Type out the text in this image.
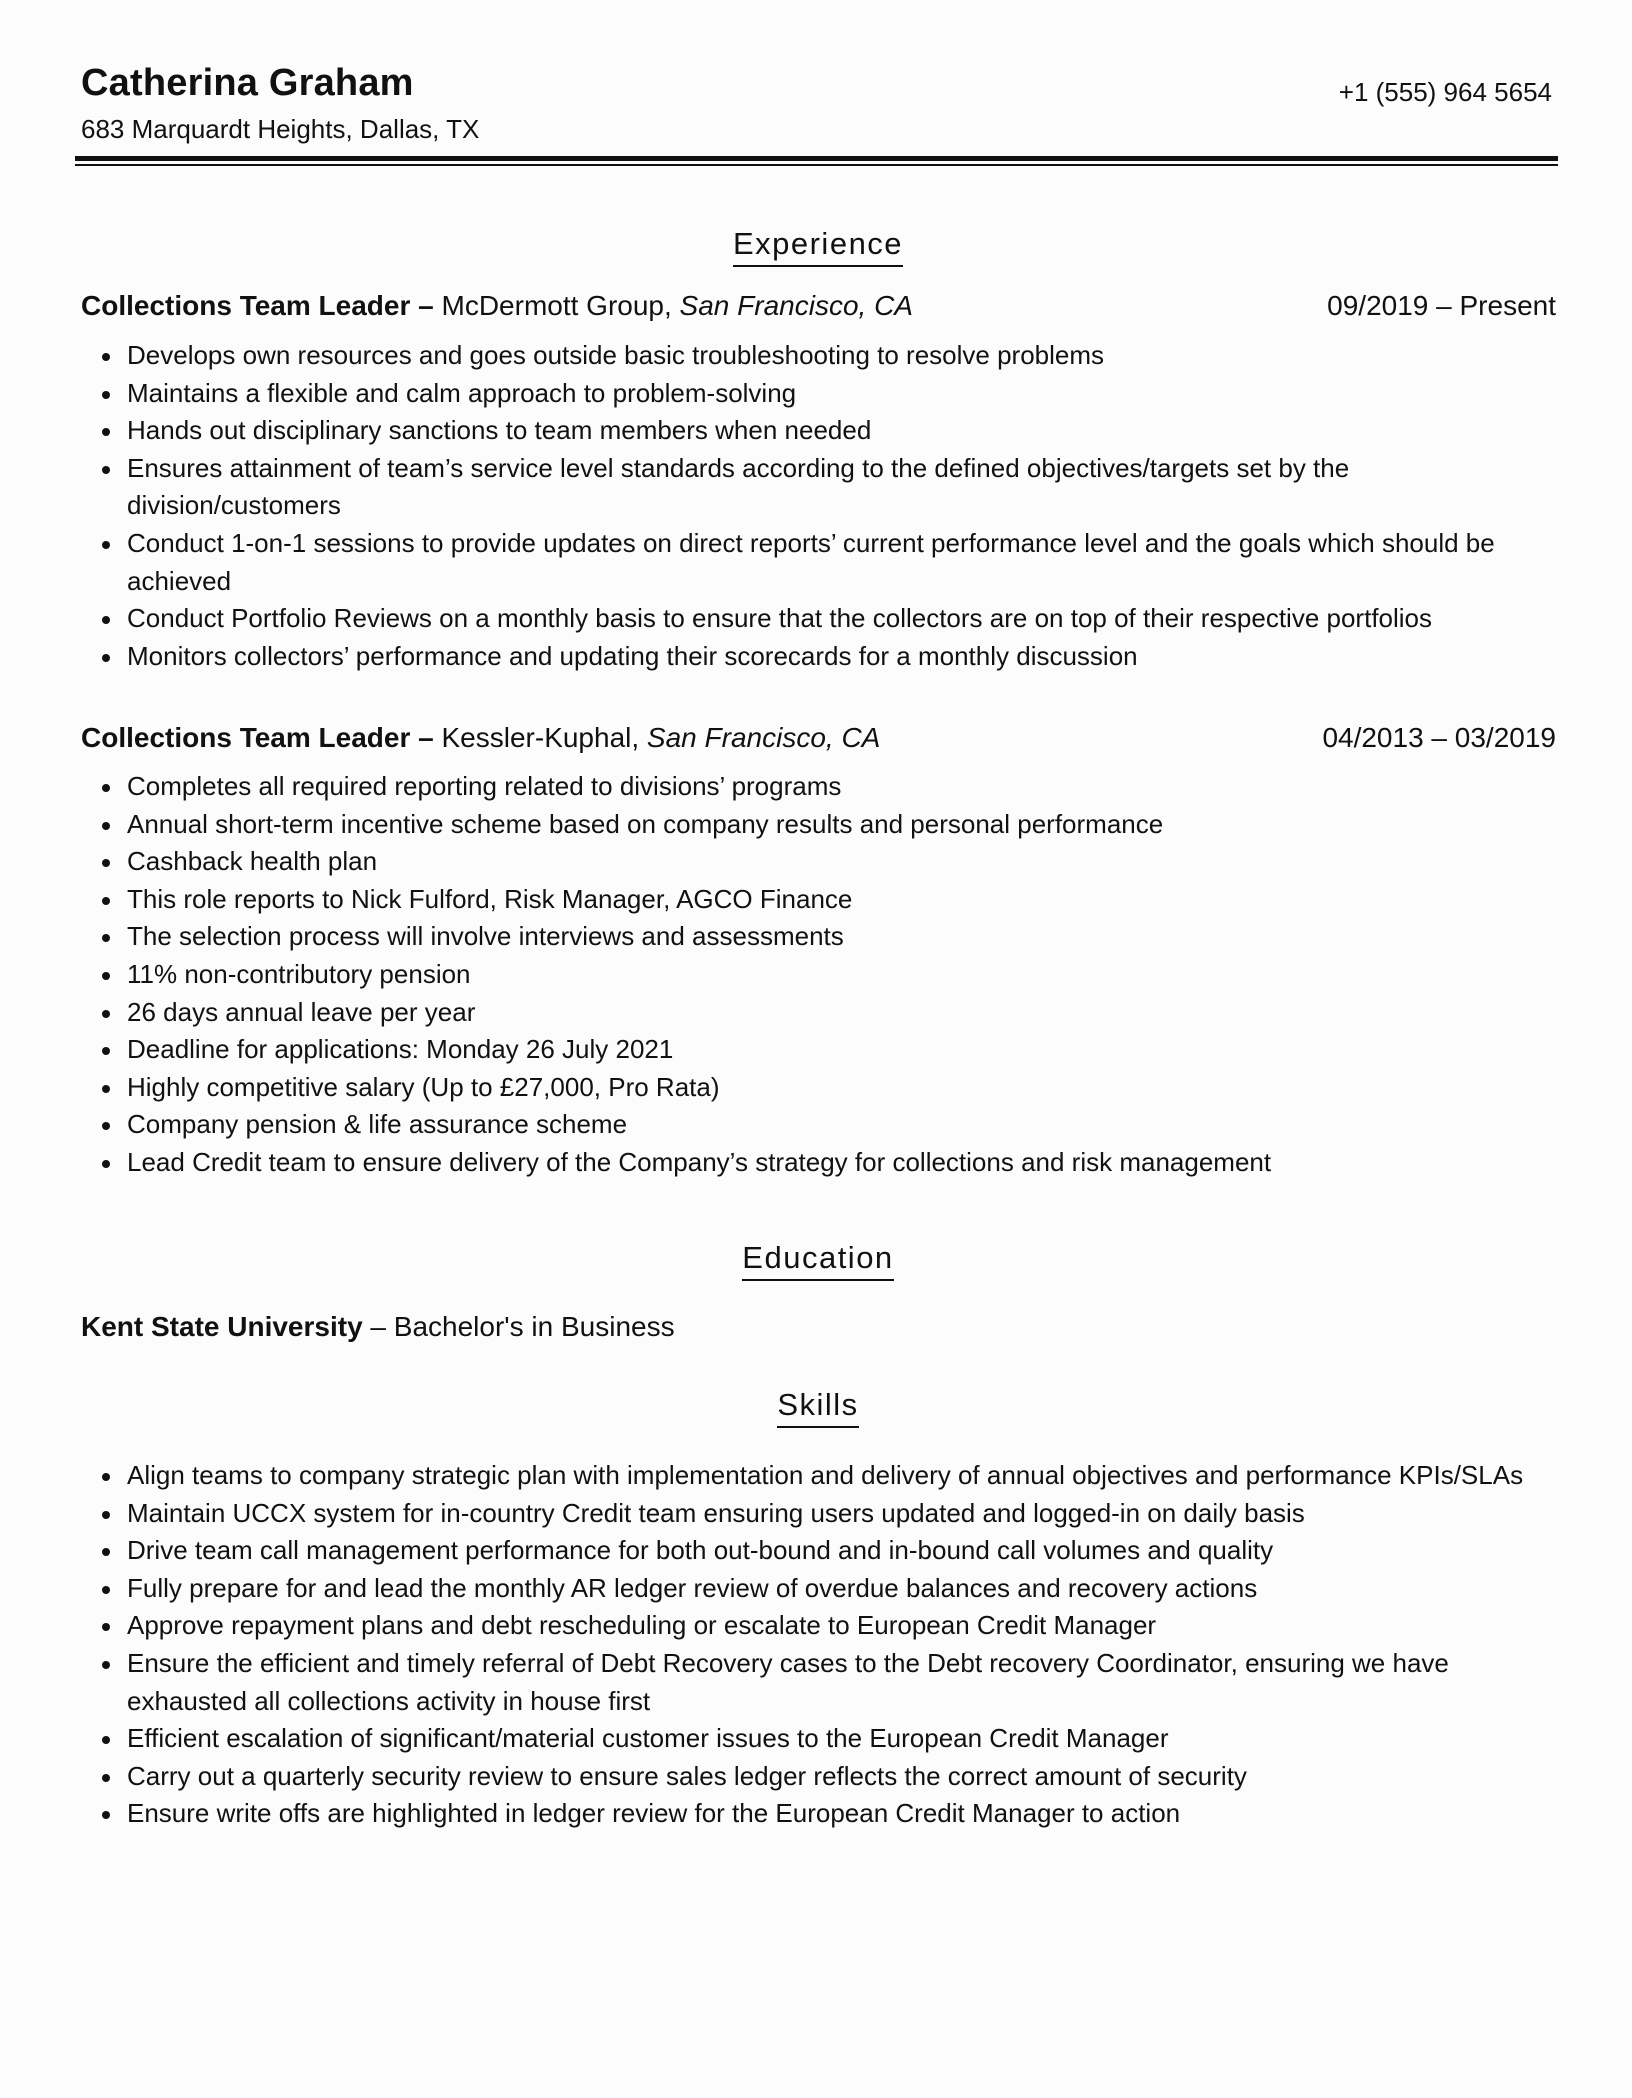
Catherina Graham
683 Marquardt Heights, Dallas, TX
+1 (555) 964 5654
Experience
Collections Team Leader – McDermott Group, San Francisco, CA	09/2019 – Present
Develops own resources and goes outside basic troubleshooting to resolve problems
Maintains a flexible and calm approach to problem-solving
Hands out disciplinary sanctions to team members when needed
Ensures attainment of team’s service level standards according to the defined objectives/targets set by the division/customers
Conduct 1-on-1 sessions to provide updates on direct reports’ current performance level and the goals which should be achieved
Conduct Portfolio Reviews on a monthly basis to ensure that the collectors are on top of their respective portfolios
Monitors collectors’ performance and updating their scorecards for a monthly discussion
Collections Team Leader – Kessler-Kuphal, San Francisco, CA	04/2013 – 03/2019
Completes all required reporting related to divisions’ programs
Annual short-term incentive scheme based on company results and personal performance
Cashback health plan
This role reports to Nick Fulford, Risk Manager, AGCO Finance
The selection process will involve interviews and assessments
11% non-contributory pension
26 days annual leave per year
Deadline for applications: Monday 26 July 2021
Highly competitive salary (Up to £27,000, Pro Rata)
Company pension & life assurance scheme
Lead Credit team to ensure delivery of the Company’s strategy for collections and risk management
Education
Kent State University – Bachelor's in Business
Skills
Align teams to company strategic plan with implementation and delivery of annual objectives and performance KPIs/SLAs
Maintain UCCX system for in-country Credit team ensuring users updated and logged-in on daily basis
Drive team call management performance for both out-bound and in-bound call volumes and quality
Fully prepare for and lead the monthly AR ledger review of overdue balances and recovery actions
Approve repayment plans and debt rescheduling or escalate to European Credit Manager
Ensure the efficient and timely referral of Debt Recovery cases to the Debt recovery Coordinator, ensuring we have exhausted all collections activity in house first
Efficient escalation of significant/material customer issues to the European Credit Manager
Carry out a quarterly security review to ensure sales ledger reflects the correct amount of security
Ensure write offs are highlighted in ledger review for the European Credit Manager to action
